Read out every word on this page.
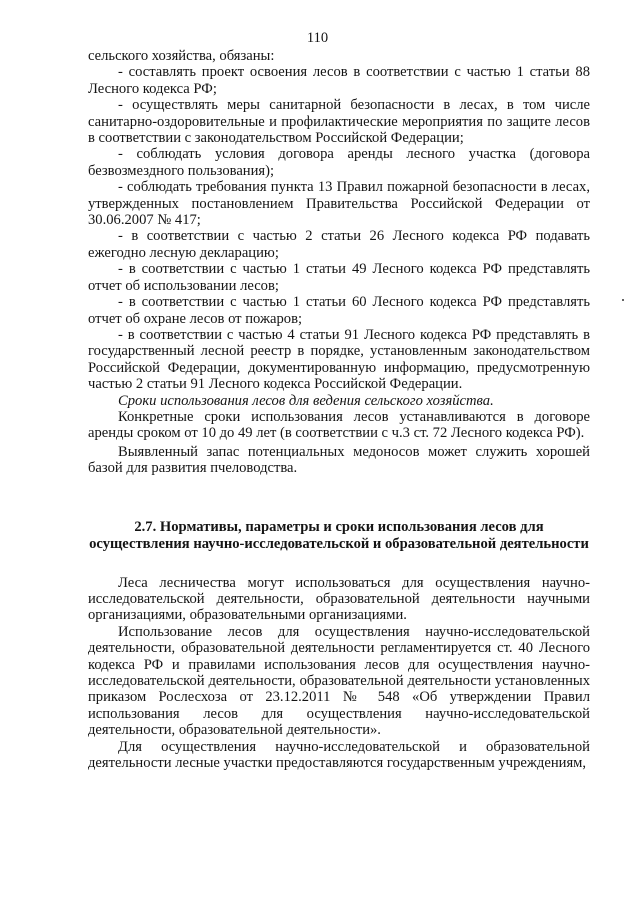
110

сельского хозяйства, обязаны:

- составлять проект освоения лесов в соответствии с частью 1 статьи 88 Лесного кодекса РФ;

- осуществлять меры санитарной безопасности в лесах, в том числе санитарно-оздоровительные и профилактические мероприятия по защите лесов в соответствии с законодательством Российской Федерации;

- соблюдать условия договора аренды лесного участка (договора безвозмездного пользования);

- соблюдать требования пункта 13 Правил пожарной безопасности в лесах, утвержденных постановлением Правительства Российской Федерации от 30.06.2007 № 417;

- в соответствии с частью 2 статьи 26 Лесного кодекса РФ подавать ежегодно лесную декларацию;

- в соответствии с частью 1 статьи 49 Лесного кодекса РФ представлять отчет об использовании лесов;

- в соответствии с частью 1 статьи 60 Лесного кодекса РФ представлять отчет об охране лесов от пожаров;

- в соответствии с частью 4 статьи 91 Лесного кодекса РФ представлять в государственный лесной реестр в порядке, установленным законодательством Российской Федерации, документированную информацию, предусмотренную частью 2 статьи 91 Лесного кодекса Российской Федерации.

Сроки использования лесов для ведения сельского хозяйства.

Конкретные сроки использования лесов устанавливаются в договоре аренды сроком от 10 до 49 лет (в соответствии с ч.3 ст. 72 Лесного кодекса РФ).

Выявленный запас потенциальных медоносов может служить хорошей базой для развития пчеловодства.

2.7. Нормативы, параметры и сроки использования лесов для осуществления научно-исследовательской и образовательной деятельности

Леса лесничества могут использоваться для осуществления научно-исследовательской деятельности, образовательной деятельности научными организациями, образовательными организациями.

Использование лесов для осуществления научно-исследовательской деятельности, образовательной деятельности регламентируется ст. 40 Лесного кодекса РФ и правилами использования лесов для осуществления научно-исследовательской деятельности, образовательной деятельности установленных приказом Рослесхоза от 23.12.2011 № 548 «Об утверждении Правил использования лесов для осуществления научно-исследовательской деятельности, образовательной деятельности».

Для осуществления научно-исследовательской и образовательной деятельности лесные участки предоставляются государственным учреждениям,
